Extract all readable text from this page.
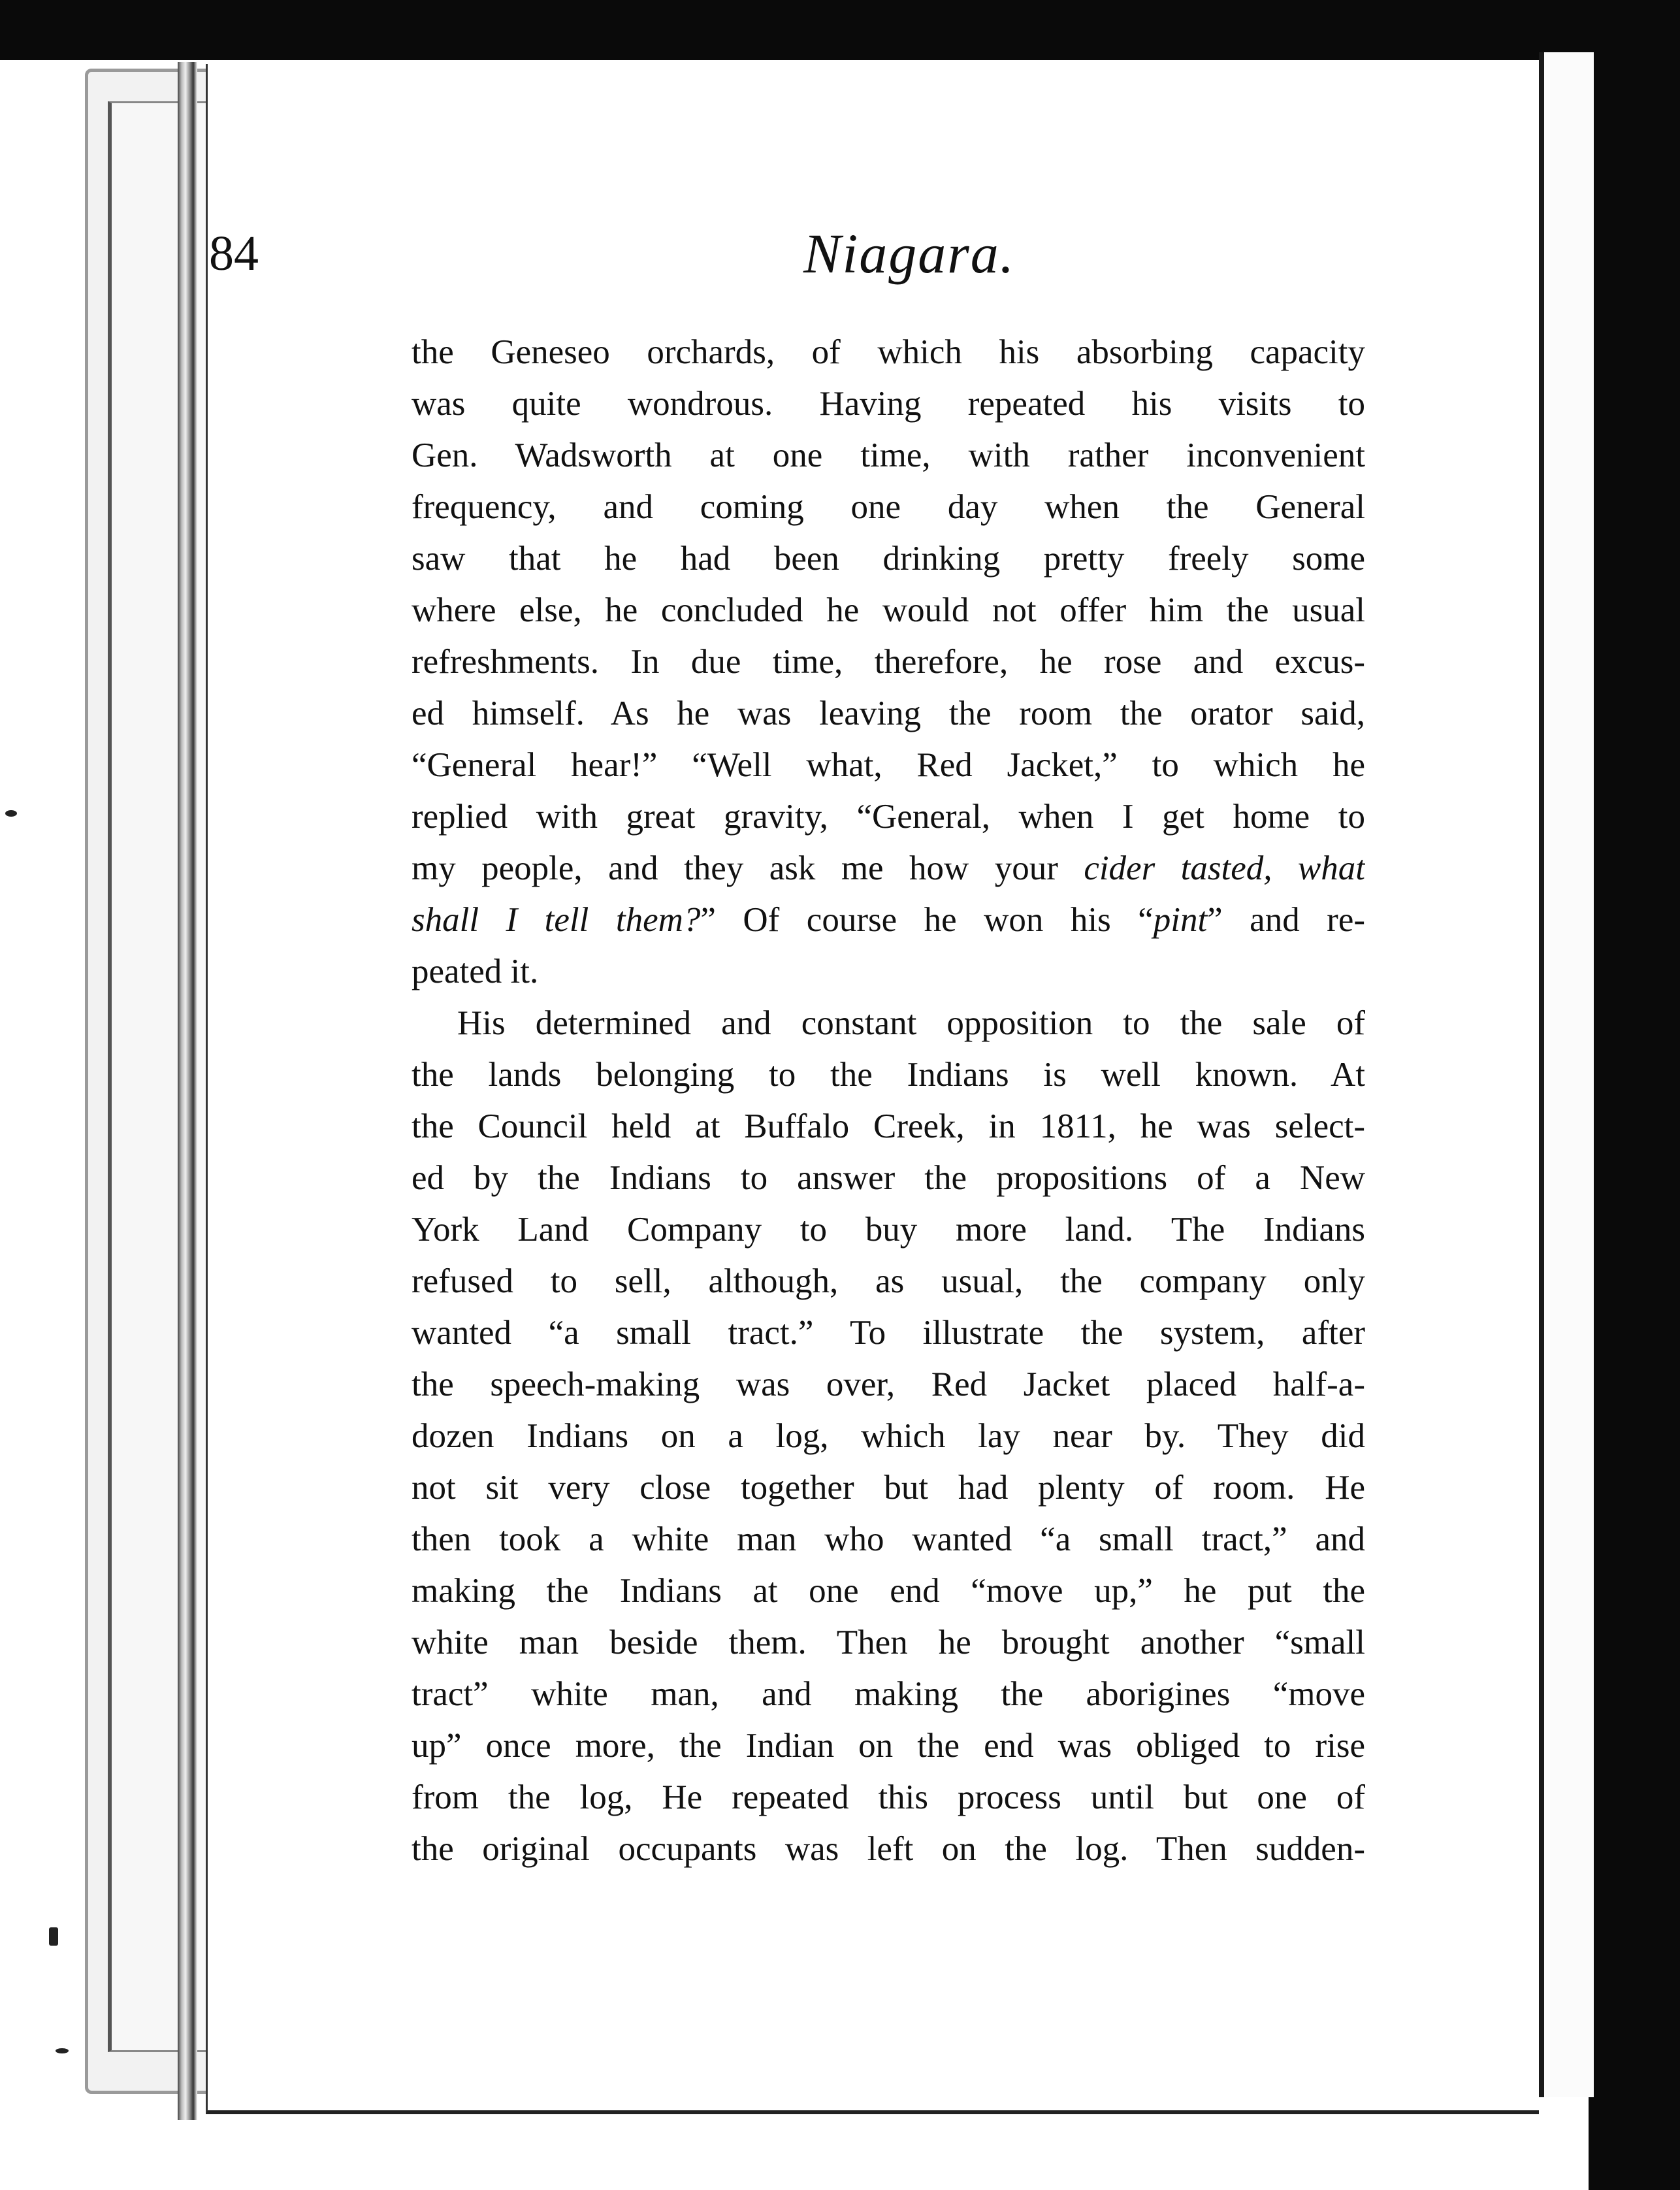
84	Niagara.
the Geneseo orchards, of which his absorbing capacity
was quite wondrous. Having repeated his visits to
Gen. Wadsworth at one time, with rather inconvenient
frequency, and coming one day when the General
saw that he had been drinking pretty freely some
where else, he concluded he would not offer him the usual
refreshments. In due time, therefore, he rose and excus-
ed himself. As he was leaving the room the orator said,
“General hear!” “Well what, Red Jacket,” to which he
replied with great gravity, “General, when I get home to
my people, and they ask me how your cider tasted, what
shall I tell them?” Of course he won his “pint” and re-
peated it.
His determined and constant opposition to the sale of
the lands belonging to the Indians is well known. At
the Council held at Buffalo Creek, in 1811, he was select-
ed by the Indians to answer the propositions of a New
York Land Company to buy more land. The Indians
refused to sell, although, as usual, the company only
wanted “a small tract.” To illustrate the system, after
the speech-making was over, Red Jacket placed half-a-
dozen Indians on a log, which lay near by. They did
not sit very close together but had plenty of room. He
then took a white man who wanted “a small tract,” and
making the Indians at one end “move up,” he put the
white man beside them. Then he brought another “small
tract” white man, and making the aborigines “move
up” once more, the Indian on the end was obliged to rise
from the log, He repeated this process until but one of
the original occupants was left on the log. Then sudden-
